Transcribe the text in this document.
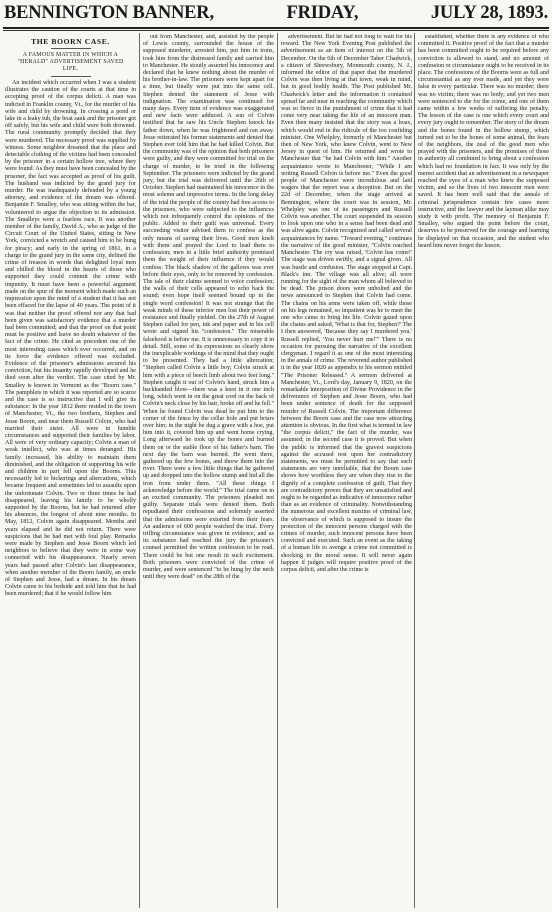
BENNINGTON BANNER,	FRIDAY,	JULY 28, 1893.
THE BOORN CASE.
A FAMOUS MATTER IN WHICH A "HERALD" ADVERTISEMENT SAVED LIFE.

An incident which occurred when I was a student illustrates the caution of the courts at that time in accepting proof of the corpus delicti. A man was indicted in Franklin county, Vt., for the murder of his wife and child by drowning. In crossing a pond or lake in a leaky tub, the boat sank and the prisoner got off safely, but his wife and child were both drowned. The rural community promptly decided that they were murdered. The necessary proof was supplied by witness. Some neighbor dreamed that the place and detectable clothing of the victims had been concealed by the prisoner in a certain hollow tree, where they were found. As they must have been concealed by the prisoner, the fact was accepted as proof of his guilt. The husband was indicted by the grand jury for murder. He was inadequately defended by a young attorney, and evidence of the dream was offered. Benjamin F. Smalley, who was sitting within the bar, volunteered to argue the objection to its admission. The Smalleys were a fearless race. It was another member of the family, David A., who as judge of the Circuit Court of the United States, sitting in New York, convicted a wretch and caused him to be hung for piracy; and early in the spring of 1861, in a charge to the grand jury in the same city, defined the crime of treason in words that delighted loyal men and chilled the blood in the hearts of those who supported they could commit the crime with impunity. It must have been a powerful argument made on the spur of the moment which made such an impression upon the mind of a student that it has not been effaced for the lapse of 40 years. The point of it was that neither the proof offered nor any that had been given was satisfactory evidence that a murder had been committed; and that the proof on that point must be positive and leave no doubt whatever of the fact of the crime. He cited as precedent one of the most interesting cases which ever occurred, and on its force the evidence offered was excluded. Evidence of the prisoner's admissions secured his conviction, but his insanity rapidly developed and he died soon after the verdict. The case cited by Mr. Smalley is known in Vermont as the "Boorn case." The pamphlets in which it was reported are so scarce and the case is so instructive that I will give its substance: In the year 1812 there resided in the town of Manchester, Vt., the two brothers, Stephen and Jesse Boorn, and near them Russell Colvin, who had married their sister. All were in humble circumstances and supported their families by labor. All were of very ordinary capacity; Colvin a man of weak intellect, who was at times deranged. His family increased, his ability to maintain them diminished, and the obligation of supporting his wife and children in part fell upon the Boorns. This necessarily led to bickerings and altercations, which became frequent and sometimes led to assaults upon the unfortunate Colvin. Two or three times he had disappeared, leaving his family to be wholly supported by the Boorns, but he had returned after his absences, the longest of about nine months. In May, 1812, Colvin again disappeared. Months and years elapsed and he did not return. There were suspicions that he had met with foul play. Remarks were made by Stephen and Jesse Boorn which led neighbors to believe that they were in some way connected with his disappearance. Nearly seven years had passed after Colvin's last disappearance, when another member of the Boorn family, an uncle of Stephen and Jesse, had a dream. In his dream Colvin came to his bedside and told him that he had been murdered; that if he would follow him

out from Manchester, and, assisted by the people of Lewis county, surrounded the house of the supposed murderer, arrested him, put him in irons, took him from the distressed family and carried him to Manchester. He stoutly asserted his innocence and declared that he knew nothing about the murder of his brother-in-law. The prisoners were kept apart for a time, but finally were put into the same cell. Stephen denied the statement of Jesse with indignation. The examination was continued for many days. Every item of evidence was exaggerated and new facts were adduced. A son of Colvin testified that he saw his Uncle Stephen knock his father down, when he was frightened and ran away. Jesse reiterated his former statements and denied that Stephen ever told him that he had killed Colvin. But the community was of the opinion that both prisoners were guilty, and they were committed for trial on the charge of murder, to be tried in the following September. The prisoners were indicted by the grand jury, but the trial was delivered until the 26th of October. Stephen had maintained his innocence in the most solemn and impressive terms. In the long delay of the trial the people of the county had free access to the prisoners, who were subjected to the influences which not infrequently control the opinions of the public. Added to their guilt was universal. Every succeeding visitor advised them to confess as the only means of saving their lives. Good men knelt with them and prayed the Lord to lead them to confession; men in a little brief authority promised them the weight of their influence if they would confess. The black shadow of the gallows was ever before their eyes, only to be removed by confession. The tale of their claims seemed to voice confession; the walls of their cells appeared to echo back the sound; even hope itself seemed bound up in the single word confession! It was not strange that the weak minds of these inferior men lost their power of resistance and finally yielded. On the 27th of August Stephen called for pen, ink and paper and in his cell wrote and signed his "confession." The miserable falsehood is before me. It is unnecessary to copy it in detail. Still, some of its expressions so clearly show the inexplicable workings of the mind that they ought to be presented. They had a little altercation; "Stephen called Colvin a little boy; Colvin struck at him with a piece of beech limb about two feet long." Stephen caught it out of Colvin's hand, struck him a backhanded blow—there was a knot in it one inch long, which went in on the great cord on the back of Colvin's neck close by his hair, broke off and he fell." When he found Colvin was dead he put him to the corner of the fence by the cellar hole and put briars over him; in the night he dug a grave with a hoe, put him into it, covered him up and went home crying. Long afterward he took up the bones and burned them on or the stable floor of his father's barn. The next day the barn was burned. He went there, gathered up the few bones, and threw them into the river. There were a few little things that he gathered up and dropped into the hollow stump and hid all the iron from under them. "All these things I acknowledge before the world." The trial came on in an excited community. The prisoners pleaded not guilty. Separate trials were denied them. Both repudiated their confessions and solemnly asserted that the admissions were extorted from their fears. An audience of 600 people watched the trial. Every trifling circumstance was given in evidence, and as its substance had reached the jury the prisoner's counsel permitted the written confession to be read. There could be but one result in such excitement. Both prisoners were convicted of the crime of murder, and were sentenced "to be hung by the neck until they were dead" on the 28th of the

advertisement. But he had not long to wait for his reward. The New York Evening Post published the advertisement as an item of interest on the 5th of December. On the 6th of December Taber Chadwick, a citizen of Shrewsbury, Monmouth county, N. J., informed the editor of that paper that the murdered Colvin was then living at that town, weak in mind, but in good bodily health. The Post published Mr. Chadwick's letter and the information it contained spread far and near in reaching the community which was so fierce in the punishment of crime that it had come very near taking the life of an innocent man. Even then many insisted that the story was a hoax, which would end in the ridicule of the too confiding minister. One Whelpley, formerly of Manchester but then of New York, who knew Colvin, went to New Jersey in quest of him. He returned and wrote to Manchester that "he had Colvin with him." Another acquaintance wrote to Manchester, "While I am writing Russell Colvin is before me." Even the good people of Manchester were incredulous and laid wagers that the report was a deception. But on the 22d of December, when the stage arrived at Bennington, where the court was in session, Mr. Whelpley was one of its passengers and Russell Colvin was another. The court suspended its session to look upon one who in a sense had been dead and was alive again. Colvin recognized and called several acquaintances by name. "Toward evening," continues the narrative of the good minister, "Colvin reached Manchester. The cry was raised, 'Colvin has come!' The stage was driven swiftly, and a signal given. All was bustle and confusion. The stage stopped at Capt. Black's inn. The village was all alive; all were running for the sight of the man whom all believed to be dead. The prison doors were unbolted and the news announced to Stephen that Colvin had come. The chains on his arms were taken off, while those on his legs remained, so impatient was he to meet the one who came to bring his life. Colvin gazed upon the chains and asked, 'What is that for, Stephen?' The I then answered, 'Because they say I murdered you.' Russell replied, 'You never hurt me!'" There is no occasion for pursuing the narrative of the excellent clergyman. I regard it as one of the most interesting in the annals of crime. The reverend author published it in the year 1820 as appendix to his sermon entitled "The Prisoner Released." A sermon delivered at Manchester, Vt., Lord's day, January 9, 1820, on the remarkable interposition of Divine Providence in the deliverance of Stephen and Jesse Boorn, who had been under sentence of death for the supposed murder of Russell Colvin. The important difference between the Boorn case and the case now attracting attention is obvious. In the first what is termed in law "the corpus delicti," the fact of the murder, was assumed; in the second case it is proved. But when the public is informed that the gravest suspicions against the accused rest upon her contradictory statements, we must be permitted to say that such statements are very unreliable, that the Boorn case shows how worthless they are when they rise to the dignity of a complete confession of guilt. That they are contradictory proves that they are unsatisfied and ought to be regarded as indicative of innocence rather than as an evidence of criminality. Notwithstanding the numerous and excellent maxims of criminal law, the observance of which is supposed to insure the protection of the innocent persons charged with the crimes of murder, such innocent persons have been convicted and executed. Such an event as the taking of a human life to avenge a crime not committed is shocking to the moral sense. It will never again happen if judges will require positive proof of the corpus delicti, and after the crime is

established, whether there is any evidence of who committed it. Positive proof of the fact that a murder has been committed ought to be required before any conviction is allowed to stand, and no amount of confession or circumstance ought to be received in its place. The confessions of the Boorns were as full and circumstantial as any ever made, and yet they were false in every particular. There was no murder; there was no victim; there was no body; and yet two men were sentenced to die for the crime, and one of them came within a few weeks of suffering the penalty. The lesson of the case is one which every court and every jury ought to remember. The story of the dream and the bones found in the hollow stump, which turned out to be the bones of some animal, the fears of the neighbors, the zeal of the good men who prayed with the prisoners, and the promises of those in authority all combined to bring about a confession which had no foundation in fact. It was only by the merest accident that an advertisement in a newspaper reached the eyes of a man who knew the supposed victim, and so the lives of two innocent men were saved. It has been well said that the annals of criminal jurisprudence contain few cases more instructive, and the lawyer and the layman alike may study it with profit. The memory of Benjamin F. Smalley, who argued the point before the court, deserves to be preserved for the courage and learning he displayed on that occasion, and the student who heard him never forgot the lesson.
